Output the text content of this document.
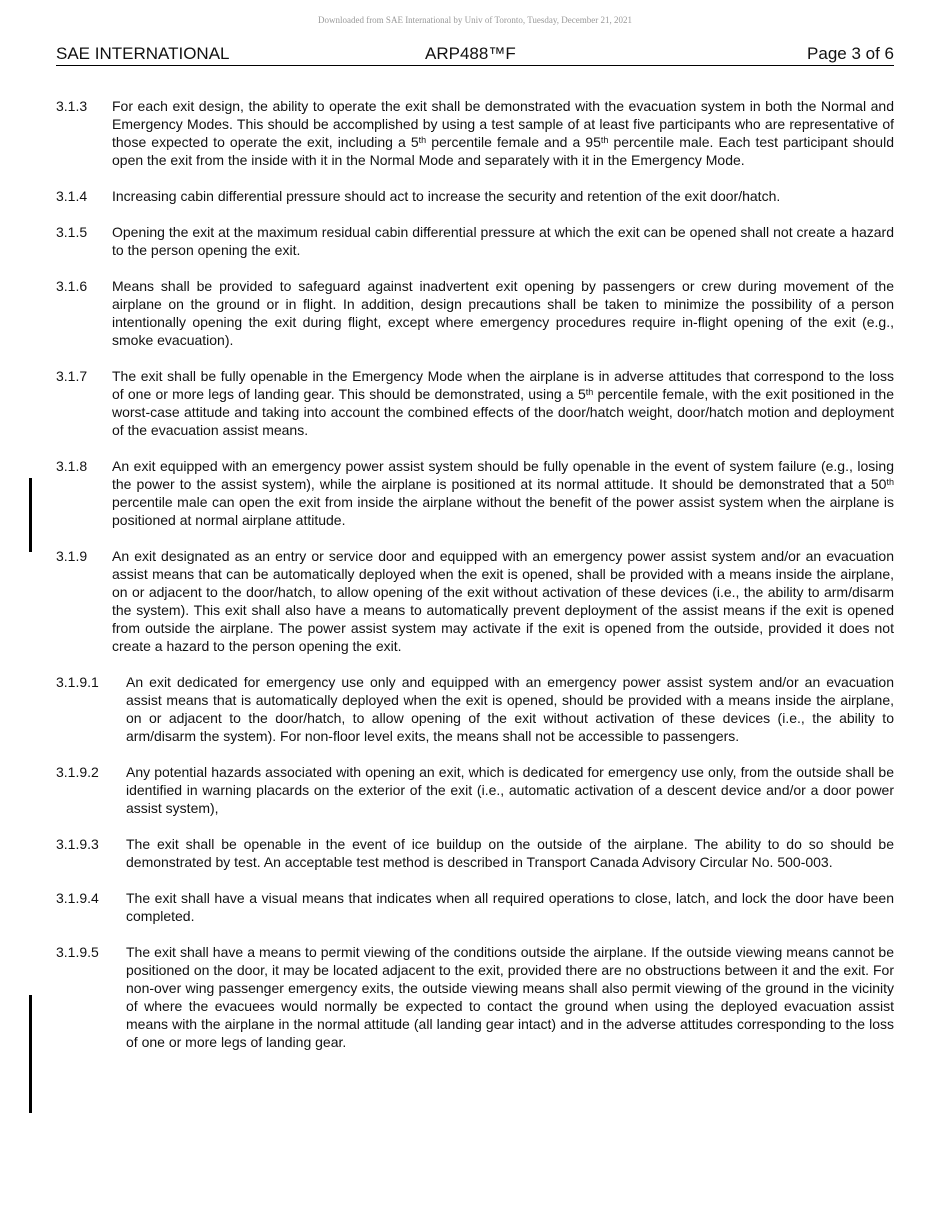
Downloaded from SAE International by Univ of Toronto, Tuesday, December 21, 2021
SAE INTERNATIONAL	ARP488™F	Page 3 of 6
3.1.3 For each exit design, the ability to operate the exit shall be demonstrated with the evacuation system in both the Normal and Emergency Modes. This should be accomplished by using a test sample of at least five participants who are representative of those expected to operate the exit, including a 5th percentile female and a 95th percentile male. Each test participant should open the exit from the inside with it in the Normal Mode and separately with it in the Emergency Mode.
3.1.4 Increasing cabin differential pressure should act to increase the security and retention of the exit door/hatch.
3.1.5 Opening the exit at the maximum residual cabin differential pressure at which the exit can be opened shall not create a hazard to the person opening the exit.
3.1.6 Means shall be provided to safeguard against inadvertent exit opening by passengers or crew during movement of the airplane on the ground or in flight. In addition, design precautions shall be taken to minimize the possibility of a person intentionally opening the exit during flight, except where emergency procedures require in-flight opening of the exit (e.g., smoke evacuation).
3.1.7 The exit shall be fully openable in the Emergency Mode when the airplane is in adverse attitudes that correspond to the loss of one or more legs of landing gear. This should be demonstrated, using a 5th percentile female, with the exit positioned in the worst-case attitude and taking into account the combined effects of the door/hatch weight, door/hatch motion and deployment of the evacuation assist means.
3.1.8 An exit equipped with an emergency power assist system should be fully openable in the event of system failure (e.g., losing the power to the assist system), while the airplane is positioned at its normal attitude. It should be demonstrated that a 50th percentile male can open the exit from inside the airplane without the benefit of the power assist system when the airplane is positioned at normal airplane attitude.
3.1.9 An exit designated as an entry or service door and equipped with an emergency power assist system and/or an evacuation assist means that can be automatically deployed when the exit is opened, shall be provided with a means inside the airplane, on or adjacent to the door/hatch, to allow opening of the exit without activation of these devices (i.e., the ability to arm/disarm the system). This exit shall also have a means to automatically prevent deployment of the assist means if the exit is opened from outside the airplane. The power assist system may activate if the exit is opened from the outside, provided it does not create a hazard to the person opening the exit.
3.1.9.1 An exit dedicated for emergency use only and equipped with an emergency power assist system and/or an evacuation assist means that is automatically deployed when the exit is opened, should be provided with a means inside the airplane, on or adjacent to the door/hatch, to allow opening of the exit without activation of these devices (i.e., the ability to arm/disarm the system). For non-floor level exits, the means shall not be accessible to passengers.
3.1.9.2 Any potential hazards associated with opening an exit, which is dedicated for emergency use only, from the outside shall be identified in warning placards on the exterior of the exit (i.e., automatic activation of a descent device and/or a door power assist system),
3.1.9.3 The exit shall be openable in the event of ice buildup on the outside of the airplane. The ability to do so should be demonstrated by test. An acceptable test method is described in Transport Canada Advisory Circular No. 500-003.
3.1.9.4 The exit shall have a visual means that indicates when all required operations to close, latch, and lock the door have been completed.
3.1.9.5 The exit shall have a means to permit viewing of the conditions outside the airplane. If the outside viewing means cannot be positioned on the door, it may be located adjacent to the exit, provided there are no obstructions between it and the exit. For non-over wing passenger emergency exits, the outside viewing means shall also permit viewing of the ground in the vicinity of where the evacuees would normally be expected to contact the ground when using the deployed evacuation assist means with the airplane in the normal attitude (all landing gear intact) and in the adverse attitudes corresponding to the loss of one or more legs of landing gear.
